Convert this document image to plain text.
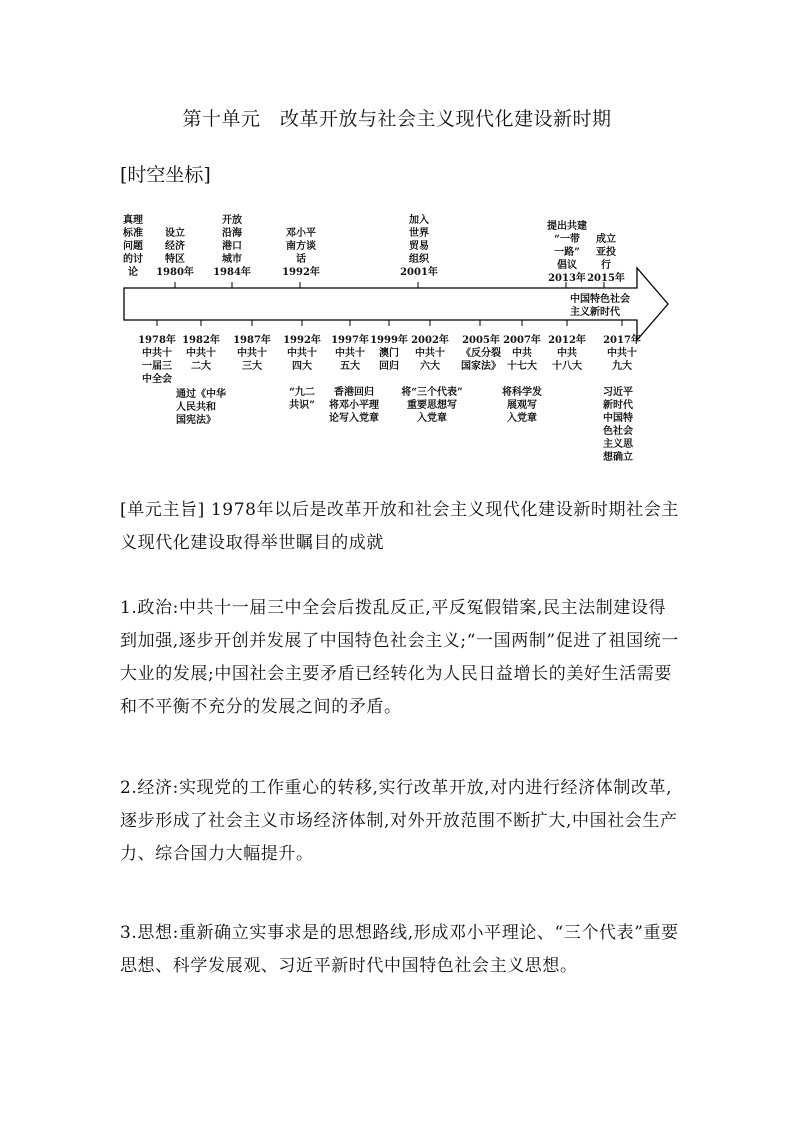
第十单元　改革开放与社会主义现代化建设新时期
[时空坐标]
中国特色社会
主义新时代
真理
标准
问题
的讨
论
设立
经济
特区
1980年
开放
沿海
港口
城市
1984年
邓小平
南方谈
话
1992年
加入
世界
贸易
组织
2001年
提出共建
“一带
一路”
倡议
2013年
成立
亚投
行
2015年
1978年
中共十
一届三
中全会
1982年
中共十
二大
1987年
中共十
三大
1992年
中共十
四大
1997年
中共十
五大
1999年
澳门
回归
2002年
中共十
六大
2005年
《反分裂
国家法》
2007年
中共
十七大
2012年
中共
十八大
2017年
中共十
九大
通过《中华
人民共和
国宪法》
“九二
共识”
香港回归
将邓小平理
论写入党章
将“三个代表”
重要思想写
入党章
将科学发
展观写
入党章
习近平
新时代
中国特
色社会
主义思
想确立
[单元主旨] 1978年以后是改革开放和社会主义现代化建设新时期社会主义现代化建设取得举世瞩目的成就
1.政治:中共十一届三中全会后拨乱反正,平反冤假错案,民主法制建设得到加强,逐步开创并发展了中国特色社会主义;“一国两制”促进了祖国统一大业的发展;中国社会主要矛盾已经转化为人民日益增长的美好生活需要和不平衡不充分的发展之间的矛盾。
2.经济:实现党的工作重心的转移,实行改革开放,对内进行经济体制改革,逐步形成了社会主义市场经济体制,对外开放范围不断扩大,中国社会生产力、综合国力大幅提升。
3.思想:重新确立实事求是的思想路线,形成邓小平理论、“三个代表”重要思想、科学发展观、习近平新时代中国特色社会主义思想。
